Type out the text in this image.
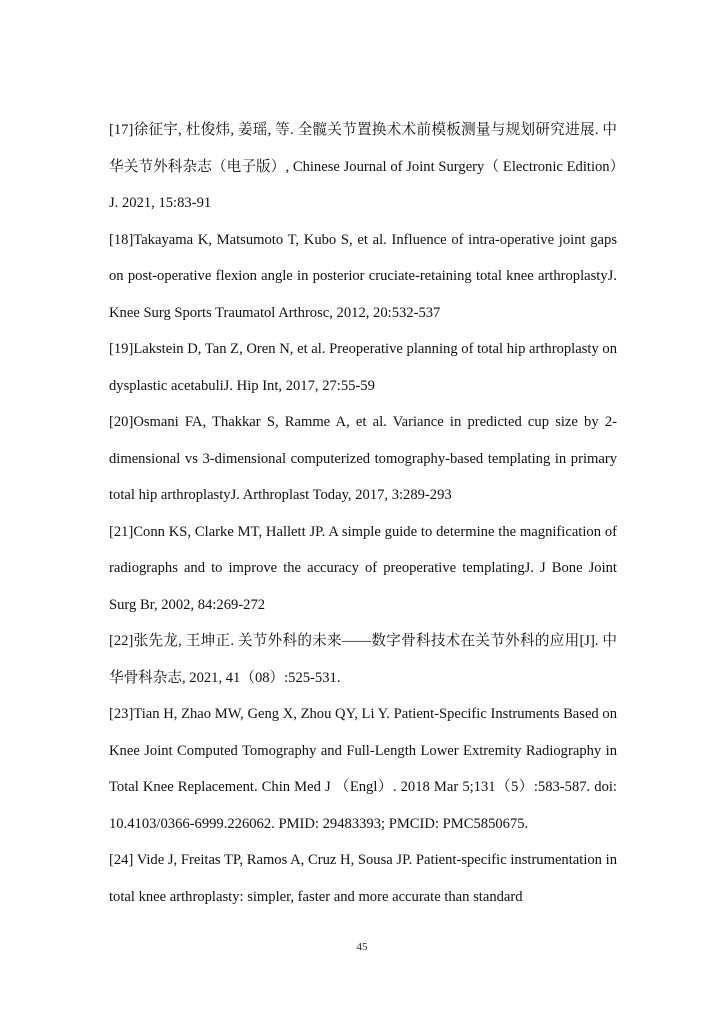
[17]徐征宇, 杜俊炜, 姜瑶, 等. 全髋关节置换术术前模板测量与规划研究进展. 中华关节外科杂志（电子版）, Chinese Journal of Joint Surgery（ Electronic Edition）J. 2021, 15:83-91

[18]Takayama K, Matsumoto T, Kubo S, et al. Influence of intra-operative joint gaps on post-operative flexion angle in posterior cruciate-retaining total knee arthroplastyJ. Knee Surg Sports Traumatol Arthrosc, 2012, 20:532-537

[19]Lakstein D, Tan Z, Oren N, et al. Preoperative planning of total hip arthroplasty on dysplastic acetabuliJ. Hip Int, 2017, 27:55-59

[20]Osmani FA, Thakkar S, Ramme A, et al. Variance in predicted cup size by 2-dimensional vs 3-dimensional computerized tomography-based templating in primary total hip arthroplastyJ. Arthroplast Today, 2017, 3:289-293

[21]Conn KS, Clarke MT, Hallett JP. A simple guide to determine the magnification of radiographs and to improve the accuracy of preoperative templatingJ. J Bone Joint Surg Br, 2002, 84:269-272

[22]张先龙, 王坤正. 关节外科的未来——数字骨科技术在关节外科的应用[J]. 中华骨科杂志, 2021, 41（08）:525-531.

[23]Tian H, Zhao MW, Geng X, Zhou QY, Li Y. Patient-Specific Instruments Based on Knee Joint Computed Tomography and Full-Length Lower Extremity Radiography in Total Knee Replacement. Chin Med J （Engl）. 2018 Mar 5;131（5）:583-587. doi: 10.4103/0366-6999.226062. PMID: 29483393; PMCID: PMC5850675.

[24] Vide J, Freitas TP, Ramos A, Cruz H, Sousa JP. Patient-specific instrumentation in total knee arthroplasty: simpler, faster and more accurate than standard

45
